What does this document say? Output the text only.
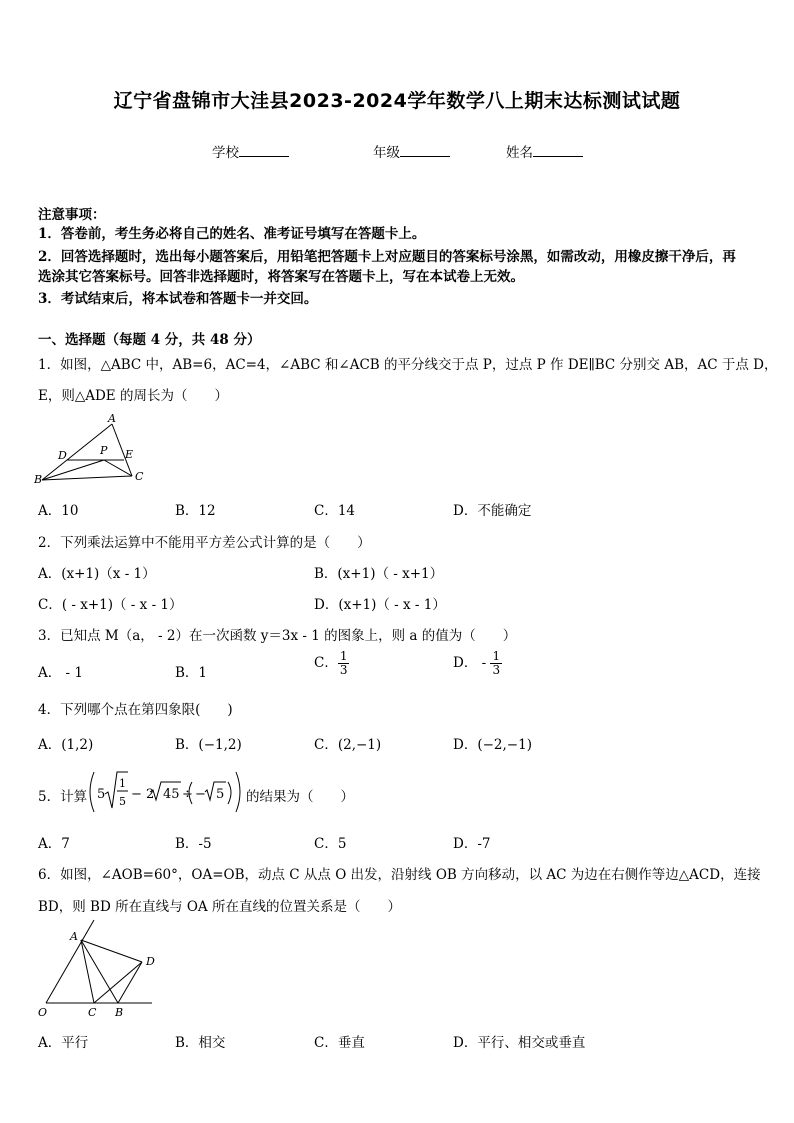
辽宁省盘锦市大洼县2023-2024学年数学八上期末达标测试试题
学校	年级	姓名
注意事项：
1．答卷前，考生务必将自己的姓名、准考证号填写在答题卡上。
2．回答选择题时，选出每小题答案后，用铅笔把答题卡上对应题目的答案标号涂黑，如需改动，用橡皮擦干净后，再
选涂其它答案标号。回答非选择题时，将答案写在答题卡上，写在本试卷上无效。
3．考试结束后，将本试卷和答题卡一并交回。
一、选择题（每题 4 分，共 48 分）
1．如图，△ABC 中，AB=6，AC=4，∠ABC 和∠ACB 的平分线交于点 P，过点 P 作 DE∥BC 分别交 AB，AC 于点 D，
E，则△ADE 的周长为（　　）
A
D	P E
B	C
A．10	B．12	C．14	D．不能确定
2．下列乘法运算中不能用平方差公式计算的是（　　）
A．(x+1)（x - 1）	B．(x+1)（ - x+1）
C．( - x+1)（ - x - 1）	D．(x+1)（ - x - 1）
3．已知点 M（a， - 2）在一次函数 y＝3x - 1 的图象上，则 a 的值为（　　）
A． - 1	B．1
C． $\frac{1}{3}$	D． - $\frac{1}{3}$
4．下列哪个点在第四象限(　　)
A．(1,2)	B．(−1,2)	C．(2,−1)	D．(−2,−1)
5．计算 5
1
5 − 2 45 ÷ − 5 的结果为（　　）
A．7	B．-5	C．5	D．-7
6．如图，∠AOB=60°，OA=OB，动点 C 从点 O 出发，沿射线 OB 方向移动，以 AC 为边在右侧作等边△ACD，连接
BD，则 BD 所在直线与 OA 所在直线的位置关系是（　　）
A
D
O	C B
A．平行	B．相交	C．垂直	D．平行、相交或垂直
